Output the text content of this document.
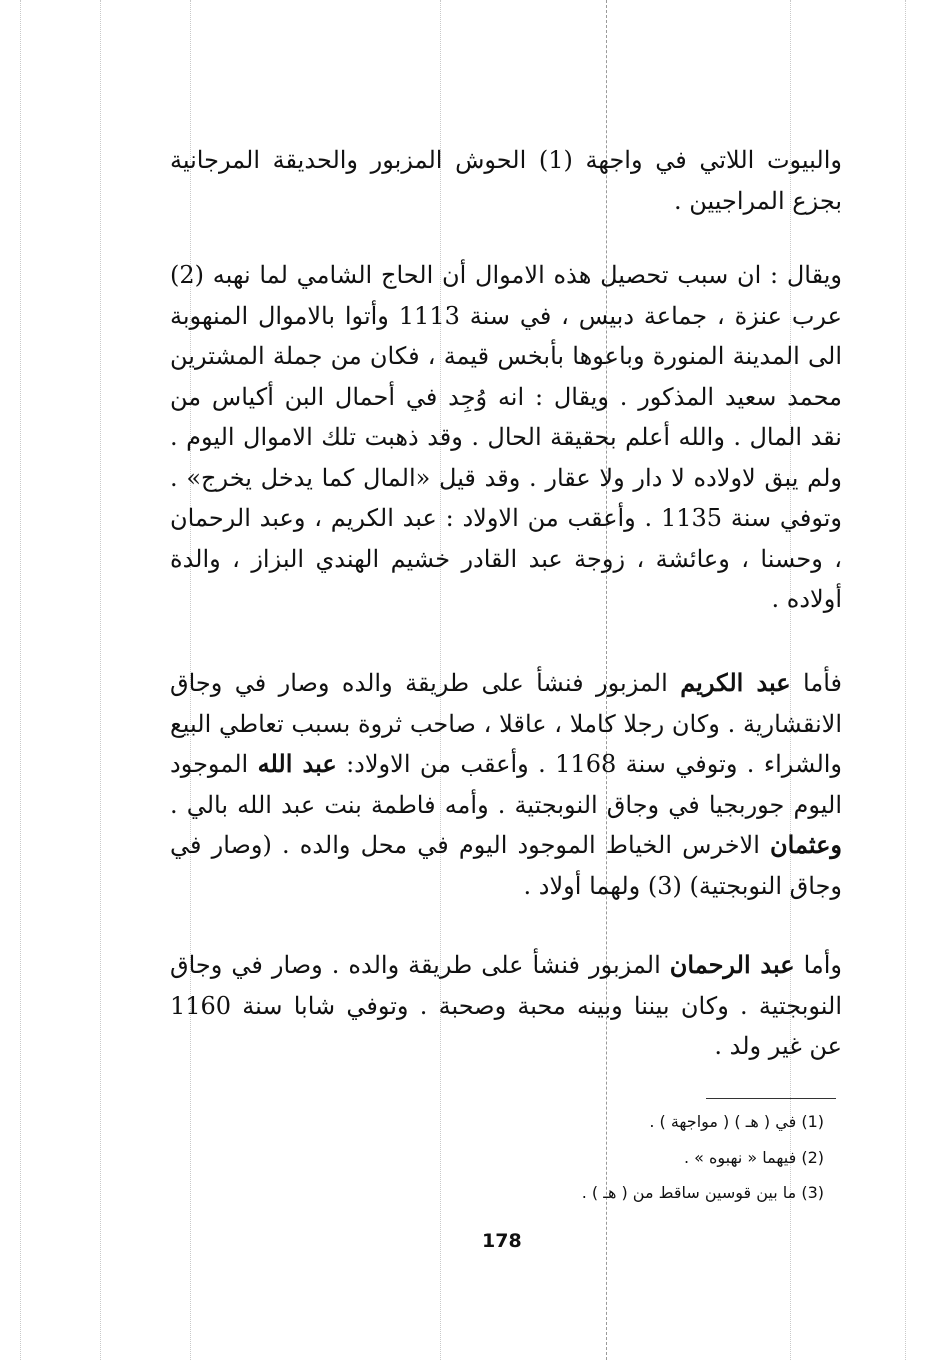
والبيوت اللاتي في واجهة (1) الحوش المزبور والحديقة المرجانية بجزع المراجيين .

ويقال : ان سبب تحصيل هذه الاموال أن الحاج الشامي لما نهبه (2) عرب عنزة ، جماعة دبيس ، في سنة 1113 وأتوا بالاموال المنهوبة الى المدينة المنورة وباعوها بأبخس قيمة ، فكان من جملة المشترين محمد سعيد المذكور . ويقال : انه وُجِد في أحمال البن أكياس من نقد المال . والله أعلم بحقيقة الحال . وقد ذهبت تلك الاموال اليوم . ولم يبق لاولاده لا دار ولا عقار . وقد قيل «المال كما يدخل يخرج» . وتوفي سنة 1135 . وأعقب من الاولاد : عبد الكريم ، وعبد الرحمان ، وحسنا ، وعائشة ، زوجة عبد القادر خشيم الهندي البزاز ، والدة أولاده .

فأما عبد الكريم المزبور فنشأ على طريقة والده وصار في وجاق الانقشارية . وكان رجلا كاملا ، عاقلا ، صاحب ثروة بسبب تعاطي البيع والشراء . وتوفي سنة 1168 . وأعقب من الاولاد: عبد الله الموجود اليوم جوربجيا في وجاق النوبجتية . وأمه فاطمة بنت عبد الله بالي . وعثمان الاخرس الخياط الموجود اليوم في محل والده . (وصار في وجاق النوبجتية) (3) ولهما أولاد .

وأما عبد الرحمان المزبور فنشأ على طريقة والده . وصار في وجاق النوبجتية . وكان بيننا وبينه محبة وصحبة . وتوفي شابا سنة 1160 عن غير ولد .

(1) في ( هـ ) ( مواجهة ) .
(2) فيهما « نهبوه » .
(3) ما بين قوسين ساقط من ( هـ ) .
178
